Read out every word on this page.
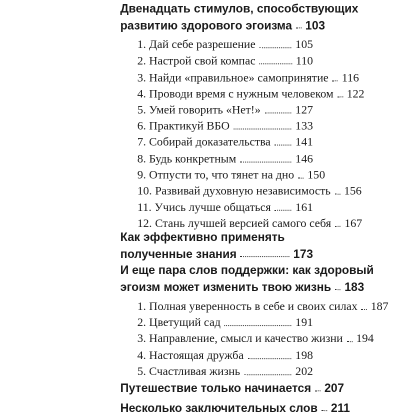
Двенадцать стимулов, способствующих
развитию здорового эгоизма 103
1. Дай себе разрешение	105
2. Настрой свой компас	110
3. Найди «правильное» самопринятие 116
4. Проводи время с нужным человеком 122
5. Умей говорить «Нет!»	127
6. Практикуй ВБО	133
7. Собирай доказательства 141
8. Будь конкретным	146
9. Отпусти то, что тянет на дно 150
10. Развивай духовную независимость 156
11. Учись лучше общаться 161
12. Стань лучшей версией самого себя 167
Как эффективно применять
полученные знания	173
И еще пара слов поддержки: как здоровый
эгоизм может изменить твою жизнь 183
1. Полная уверенность в себе и своих силах 187
2. Цветущий сад	191
3. Направление, смысл и качество жизни 194
4. Настоящая дружба	198
5. Счастливая жизнь	202
Путешествие только начинается 207
Несколько заключительных слов 211
